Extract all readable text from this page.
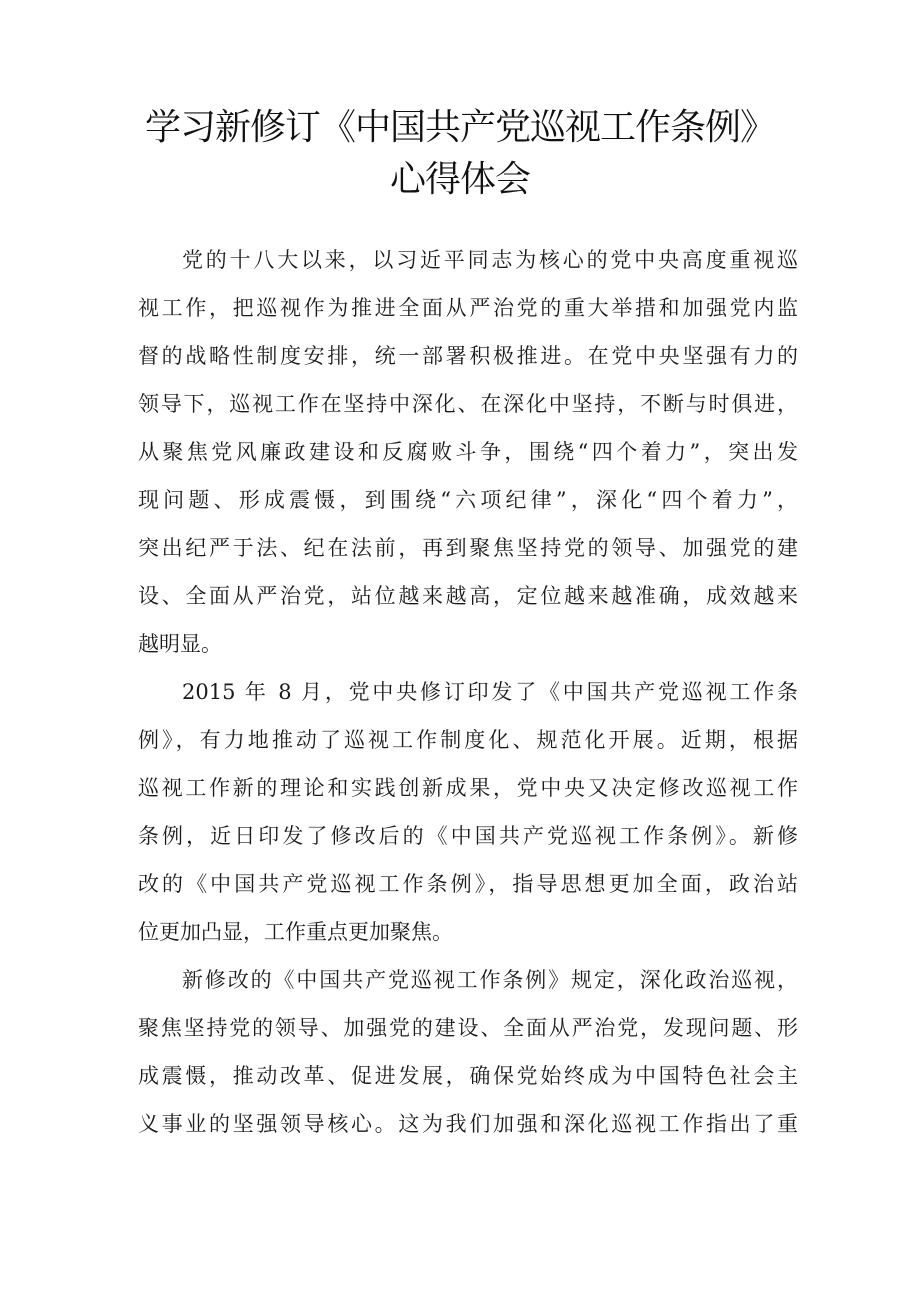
学习新修订《中国共产党巡视工作条例》
心得体会
党的十八大以来，以习近平同志为核心的党中央高度重视巡
视工作，把巡视作为推进全面从严治党的重大举措和加强党内监
督的战略性制度安排，统一部署积极推进。在党中央坚强有力的
领导下，巡视工作在坚持中深化、在深化中坚持，不断与时俱进，
从聚焦党风廉政建设和反腐败斗争，围绕“四个着力”，突出发
现问题、形成震慑，到围绕“六项纪律”，深化“四个着力”，
突出纪严于法、纪在法前，再到聚焦坚持党的领导、加强党的建
设、全面从严治党，站位越来越高，定位越来越准确，成效越来
越明显。
2015 年 8 月，党中央修订印发了《中国共产党巡视工作条
例》，有力地推动了巡视工作制度化、规范化开展。近期，根据
巡视工作新的理论和实践创新成果，党中央又决定修改巡视工作
条例，近日印发了修改后的《中国共产党巡视工作条例》。新修
改的《中国共产党巡视工作条例》，指导思想更加全面，政治站
位更加凸显，工作重点更加聚焦。
新修改的《中国共产党巡视工作条例》规定，深化政治巡视，
聚焦坚持党的领导、加强党的建设、全面从严治党，发现问题、形
成震慑，推动改革、促进发展，确保党始终成为中国特色社会主
义事业的坚强领导核心。这为我们加强和深化巡视工作指出了重
